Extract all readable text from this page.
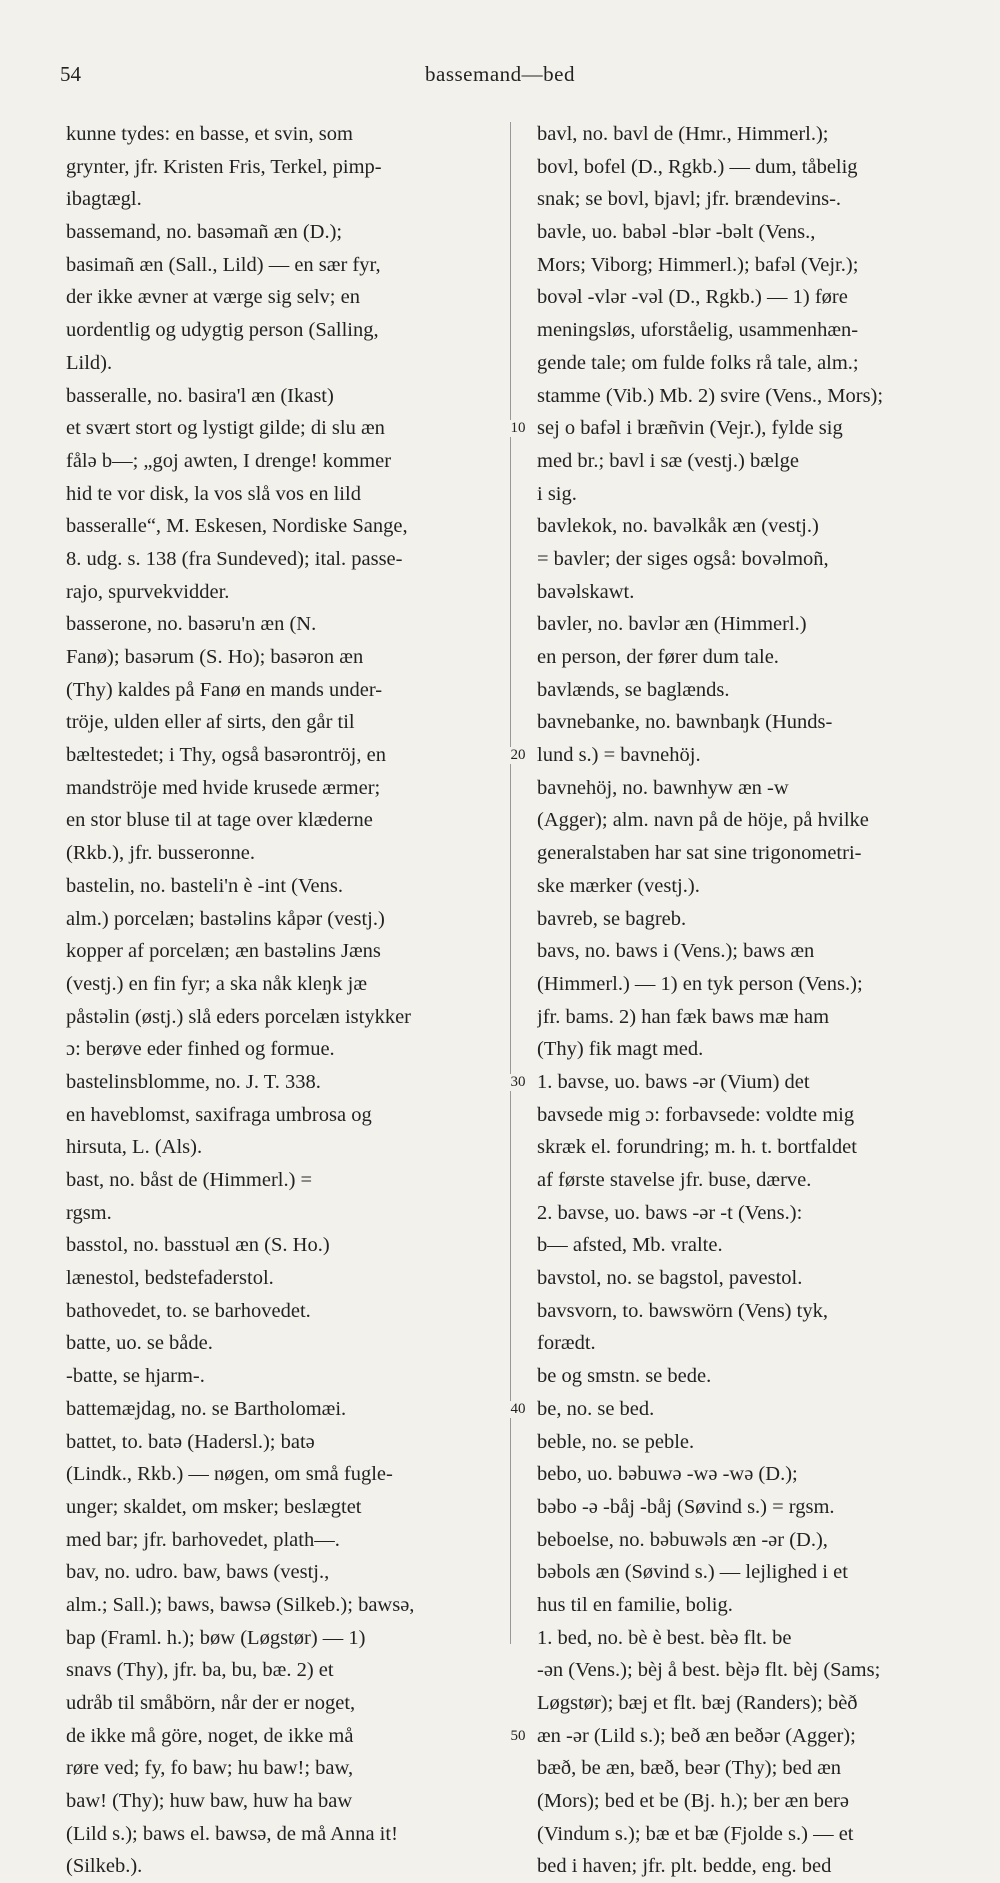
54	bassemand—bed
kunne tydes: en basse, et svin, som
grynter, jfr. Kristen Fris, Terkel, pimp-
ibagtægl.
bassemand, no. basəmañ æn (D.);
basimañ æn (Sall., Lild) — en sær fyr,
der ikke ævner at værge sig selv; en
uordentlig og udygtig person (Salling,
Lild).
basseralle, no. basira'l æn (Ikast)
et svært stort og lystigt gilde; di slu æn
fålə b—; „goj awten, I drenge! kommer
hid te vor disk, la vos slå vos en lild
basseralle“, M. Eskesen, Nordiske Sange,
8. udg. s. 138 (fra Sundeved); ital. passe-
rajo, spurvekvidder.
basserone, no. basəru'n æn (N.
Fanø); basərum (S. Ho); basəron æn
(Thy) kaldes på Fanø en mands under-
tröje, ulden eller af sirts, den går til
bæltestedet; i Thy, også basərontröj, en
mandströje med hvide krusede ærmer;
en stor bluse til at tage over klæderne
(Rkb.), jfr. busseronne.
bastelin, no. basteli'n è -int (Vens.
alm.) porcelæn; bastəlins kåpər (vestj.)
kopper af porcelæn; æn bastəlins Jæns
(vestj.) en fin fyr; a ska nåk kleŋk jæ
påstəlin (østj.) slå eders porcelæn istykker
ɔ: berøve eder finhed og formue.
bastelinsblomme, no. J. T. 338.
en haveblomst, saxifraga umbrosa og
hirsuta, L. (Als).
bast, no. båst de (Himmerl.) =
rgsm.
basstol, no. basstuəl æn (S. Ho.)
lænestol, bedstefaderstol.
bathovedet, to. se barhovedet.
batte, uo. se både.
-batte, se hjarm-.
battemæjdag, no. se Bartholomæi.
battet, to. batə (Hadersl.); batə
(Lindk., Rkb.) — nøgen, om små fugle-
unger; skaldet, om msker; beslægtet
med bar; jfr. barhovedet, plath—.
bav, no. udro. baw, baws (vestj.,
alm.; Sall.); baws, bawsə (Silkeb.); bawsə,
bap (Framl. h.); bøw (Løgstør) — 1)
snavs (Thy), jfr. ba, bu, bæ. 2) et
udråb til småbörn, når der er noget,
de ikke må göre, noget, de ikke må
røre ved; fy, fo baw; hu baw!; baw,
baw! (Thy); huw baw, huw ha baw
(Lild s.); baws el. bawsə, de må Anna it!
(Silkeb.).
bavl, no. bavl de (Hmr., Himmerl.);
bovl, bofel (D., Rgkb.) — dum, tåbelig
snak; se bovl, bjavl; jfr. brændevins-.
bavle, uo. babəl -blər -bəlt (Vens.,
Mors; Viborg; Himmerl.); bafəl (Vejr.);
bovəl -vlər -vəl (D., Rgkb.) — 1) føre
meningsløs, uforståelig, usammenhæn-
gende tale; om fulde folks rå tale, alm.;
stamme (Vib.) Mb. 2) svire (Vens., Mors);
sej o bafəl i bræñvin (Vejr.), fylde sig
med br.; bavl i sæ (vestj.) bælge
i sig.
bavlekok, no. bavəlkåk æn (vestj.)
= bavler; der siges også: bovəlmoñ,
bavəlskawt.
bavler, no. bavlər æn (Himmerl.)
en person, der fører dum tale.
bavlænds, se baglænds.
bavnebanke, no. bawnbaŋk (Hunds-
lund s.) = bavnehöj.
bavnehöj, no. bawnhyw æn -w
(Agger); alm. navn på de höje, på hvilke
generalstaben har sat sine trigonometri-
ske mærker (vestj.).
bavreb, se bagreb.
bavs, no. baws i (Vens.); baws æn
(Himmerl.) — 1) en tyk person (Vens.);
jfr. bams. 2) han fæk baws mæ ham
(Thy) fik magt med.
1. bavse, uo. baws -ər (Vium) det
bavsede mig ɔ: forbavsede: voldte mig
skræk el. forundring; m. h. t. bortfaldet
af første stavelse jfr. buse, dærve.
2. bavse, uo. baws -ər -t (Vens.):
b— afsted, Mb. vralte.
bavstol, no. se bagstol, pavestol.
bavsvorn, to. bawswörn (Vens) tyk,
forædt.
be og smstn. se bede.
be, no. se bed.
beble, no. se peble.
bebo, uo. bəbuwə -wə -wə (D.);
bəbo -ə -båj -båj (Søvind s.) = rgsm.
beboelse, no. bəbuwəls æn -ər (D.),
bəbols æn (Søvind s.) — lejlighed i et
hus til en familie, bolig.
1. bed, no. bè è best. bèə flt. be
-ən (Vens.); bèj å best. bèjə flt. bèj (Sams;
Løgstør); bæj et flt. bæj (Randers); bèð
æn -ər (Lild s.); beð æn beðər (Agger);
bæð, be æn, bæð, beər (Thy); bed æn
(Mors); bed et be (Bj. h.); ber æn berə
(Vindum s.); bæ et bæ (Fjolde s.) — et
bed i haven; jfr. plt. bedde, eng. bed
10
20
30
40
50
